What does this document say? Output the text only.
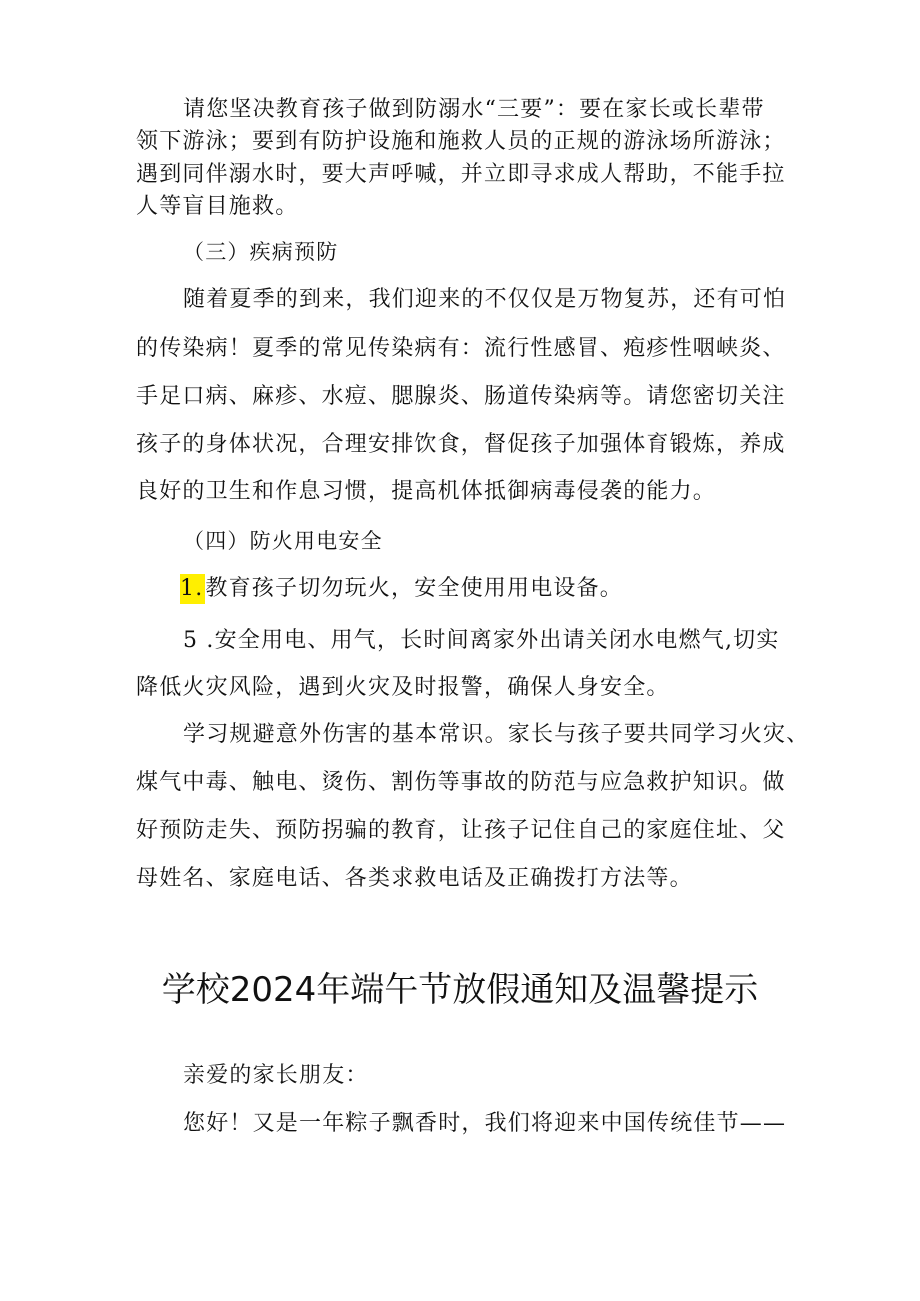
请您坚决教育孩子做到防溺水“三要”：要在家长或长辈带
领下游泳；要到有防护设施和施救人员的正规的游泳场所游泳；
遇到同伴溺水时，要大声呼喊，并立即寻求成人帮助，不能手拉
人等盲目施救。
（三）疾病预防
随着夏季的到来，我们迎来的不仅仅是万物复苏，还有可怕
的传染病！夏季的常见传染病有：流行性感冒、疱疹性咽峡炎、
手足口病、麻疹、水痘、腮腺炎、肠道传染病等。请您密切关注
孩子的身体状况，合理安排饮食，督促孩子加强体育锻炼，养成
良好的卫生和作息习惯，提高机体抵御病毒侵袭的能力。
（四）防火用电安全
1.教育孩子切勿玩火，安全使用用电设备。
5 .安全用电、用气，长时间离家外出请关闭水电燃气,切实
降低火灾风险，遇到火灾及时报警，确保人身安全。
学习规避意外伤害的基本常识。家长与孩子要共同学习火灾、
煤气中毒、触电、烫伤、割伤等事故的防范与应急救护知识。做
好预防走失、预防拐骗的教育，让孩子记住自己的家庭住址、父
母姓名、家庭电话、各类求救电话及正确拨打方法等。
学校2024年端午节放假通知及温馨提示
亲爱的家长朋友：
您好！又是一年粽子飘香时，我们将迎来中国传统佳节——
